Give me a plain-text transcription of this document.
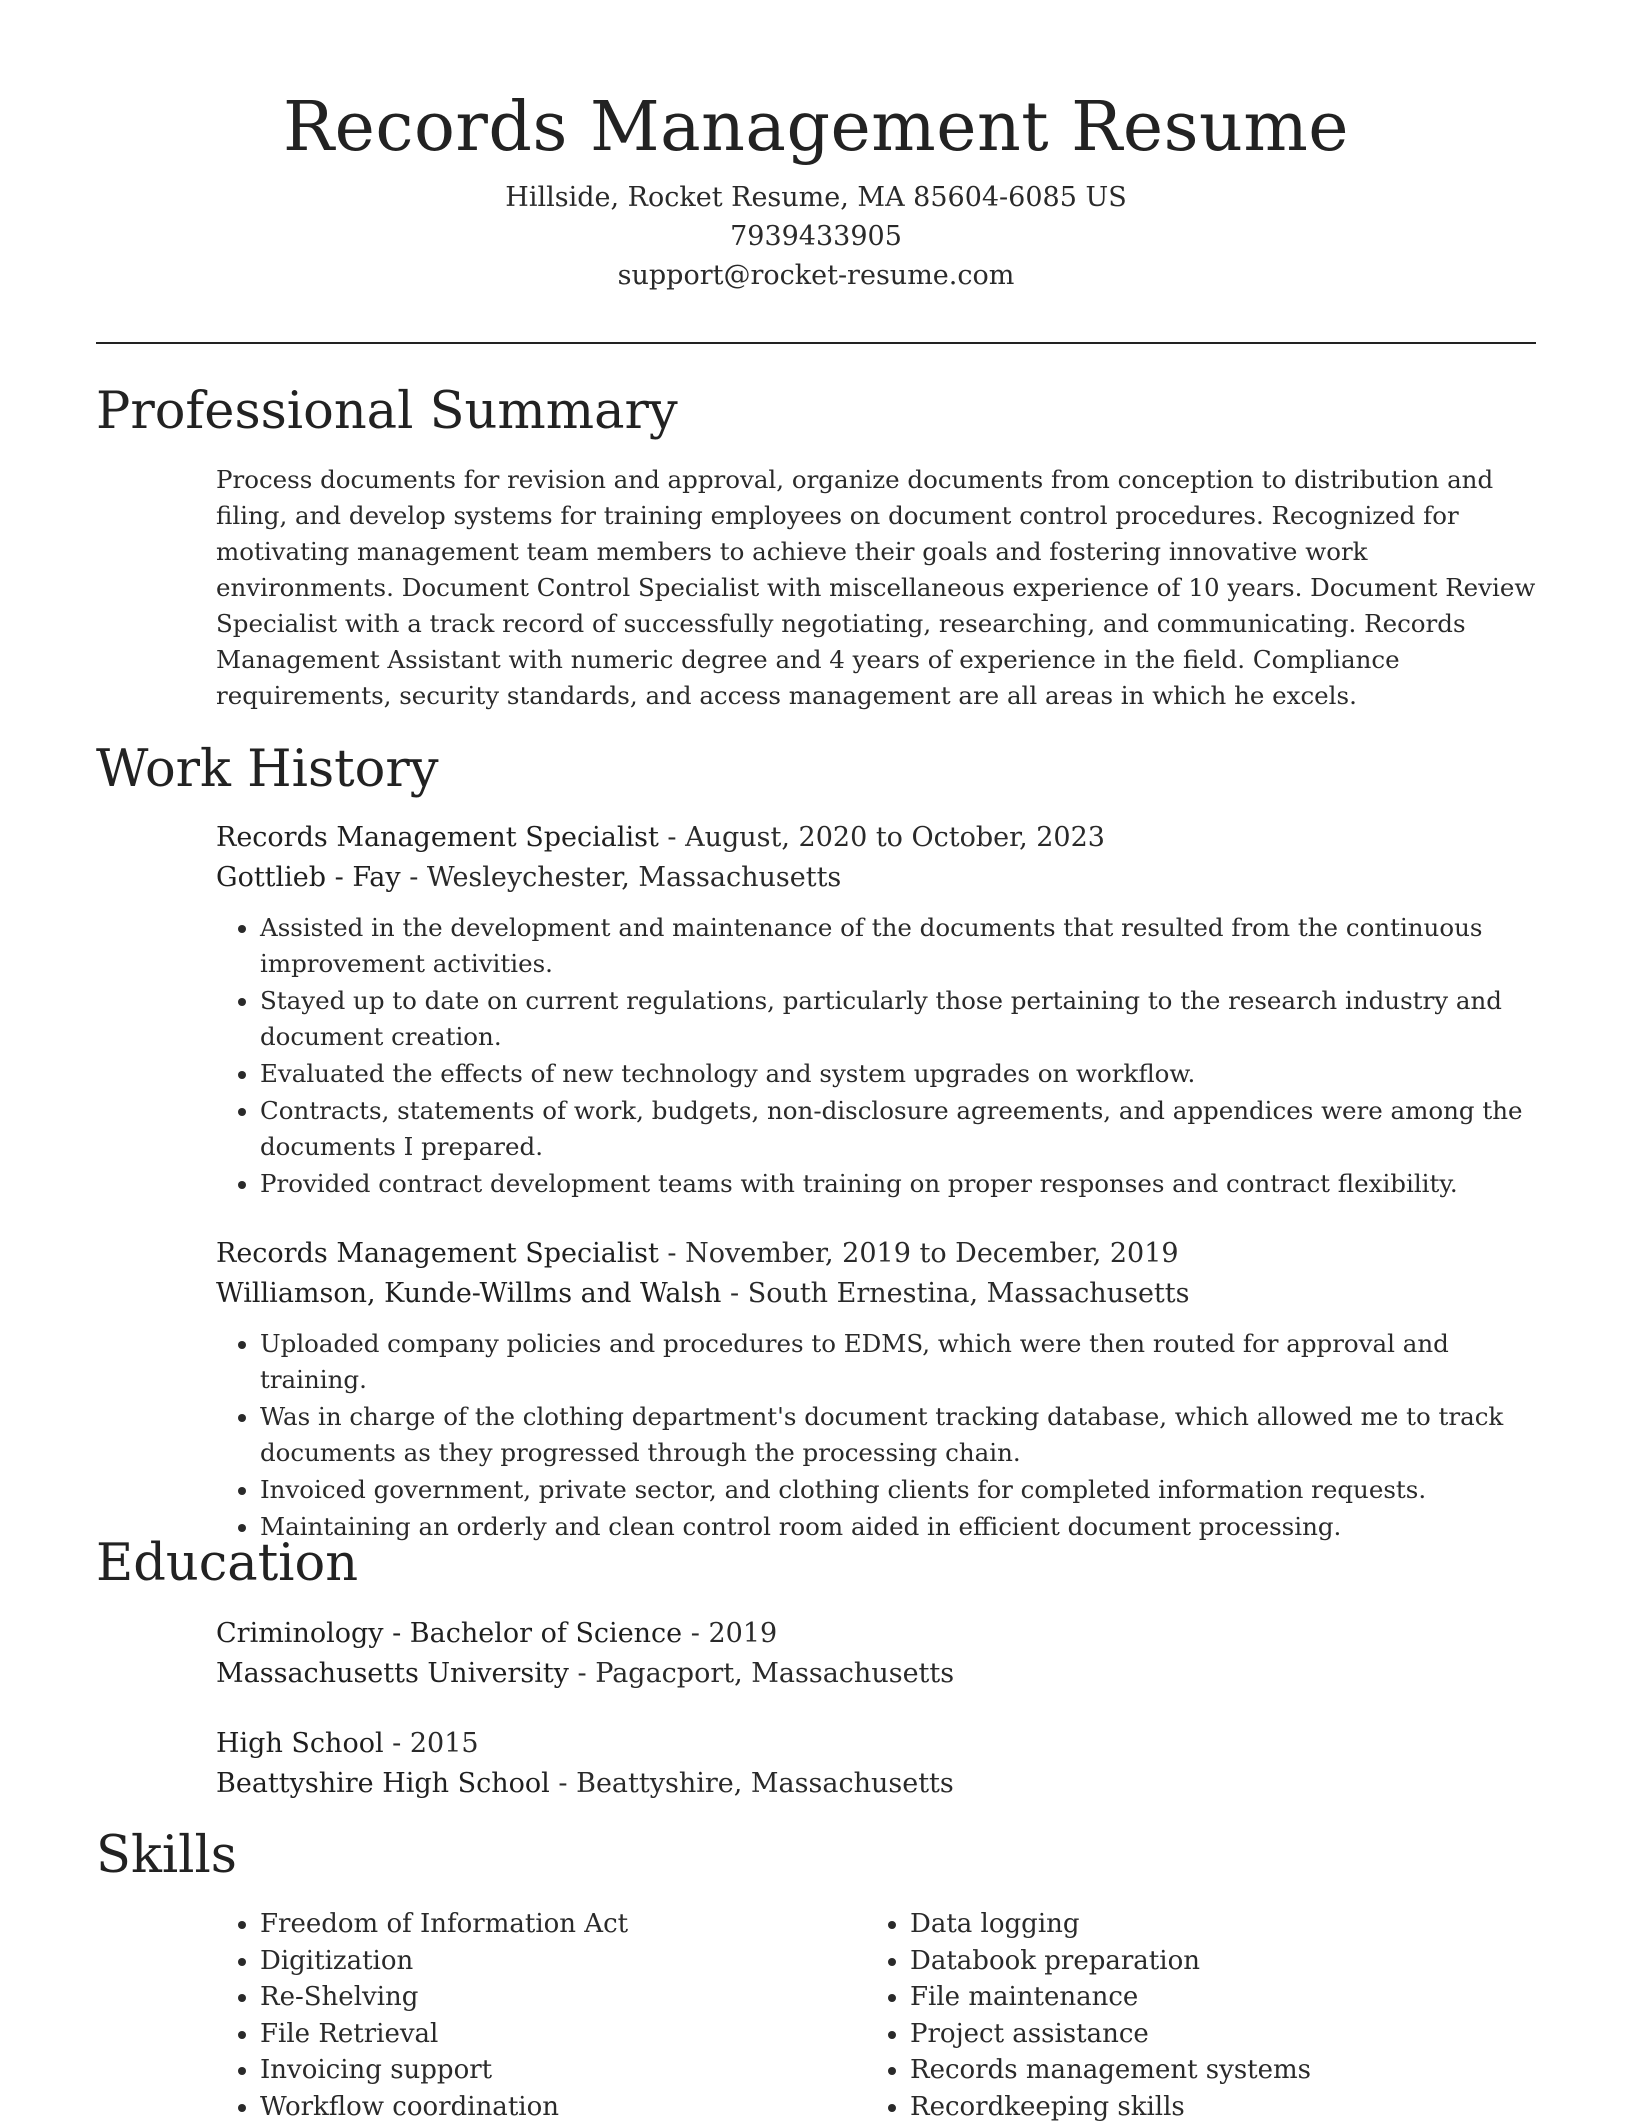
Records Management Resume
Hillside, Rocket Resume, MA 85604-6085 US
7939433905
support@rocket-resume.com
Professional Summary

Process documents for revision and approval, organize documents from conception to distribution and filing, and develop systems for training employees on document control procedures. Recognized for motivating management team members to achieve their goals and fostering innovative work environments. Document Control Specialist with miscellaneous experience of 10 years. Document Review Specialist with a track record of successfully negotiating, researching, and communicating. Records Management Assistant with numeric degree and 4 years of experience in the field. Compliance requirements, security standards, and access management are all areas in which he excels.

Work History
Records Management Specialist - August, 2020 to October, 2023
Gottlieb - Fay - Wesleychester, Massachusetts
• Assisted in the development and maintenance of the documents that resulted from the continuous improvement activities.
• Stayed up to date on current regulations, particularly those pertaining to the research industry and document creation.
• Evaluated the effects of new technology and system upgrades on workflow.
• Contracts, statements of work, budgets, non-disclosure agreements, and appendices were among the documents I prepared.
• Provided contract development teams with training on proper responses and contract flexibility.
Records Management Specialist - November, 2019 to December, 2019
Williamson, Kunde-Willms and Walsh - South Ernestina, Massachusetts
• Uploaded company policies and procedures to EDMS, which were then routed for approval and training.
• Was in charge of the clothing department's document tracking database, which allowed me to track documents as they progressed through the processing chain.
• Invoiced government, private sector, and clothing clients for completed information requests.
• Maintaining an orderly and clean control room aided in efficient document processing.
Education
Criminology - Bachelor of Science - 2019
Massachusetts University - Pagacport, Massachusetts
High School - 2015
Beattyshire High School - Beattyshire, Massachusetts
Skills
• Freedom of Information Act
• Digitization
• Re-Shelving
• File Retrieval
• Invoicing support
• Workflow coordination
• Data logging
• Databook preparation
• File maintenance
• Project assistance
• Records management systems
• Recordkeeping skills
